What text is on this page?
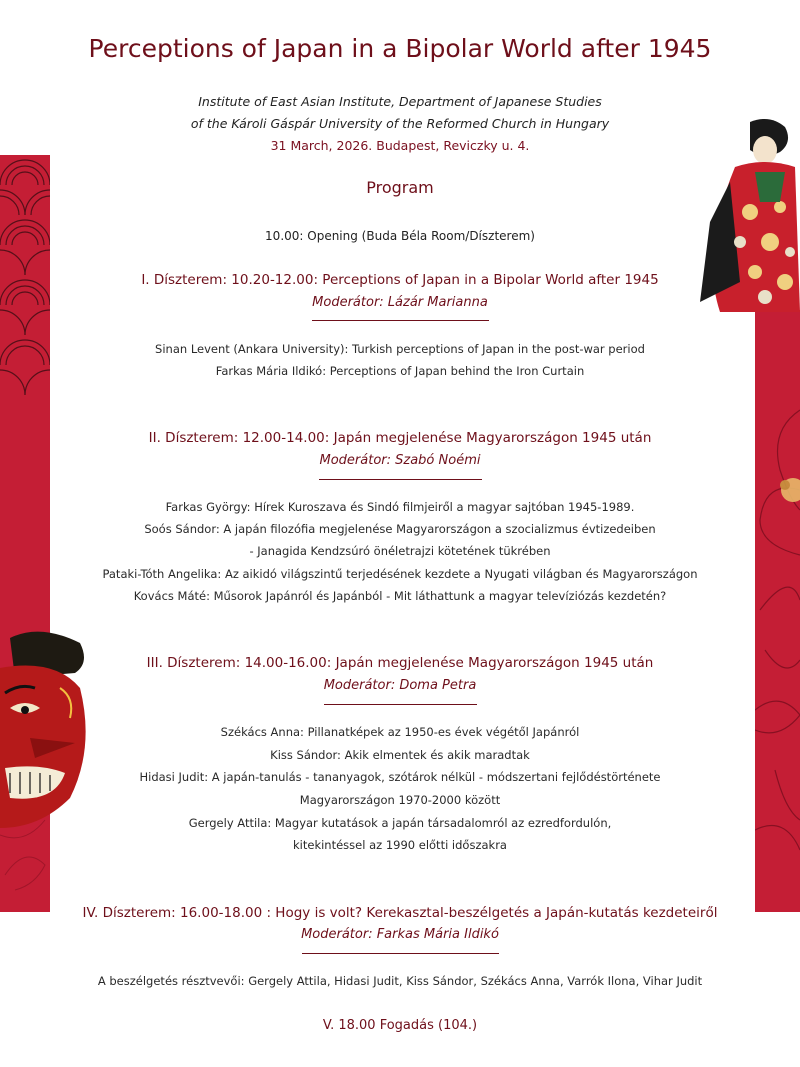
Perceptions of Japan in a Bipolar World after 1945
Institute of East Asian Institute, Department of Japanese Studies
of the Károli Gáspár University of the Reformed Church in Hungary
31 March, 2026. Budapest, Reviczky u. 4.
Program
10.00: Opening (Buda Béla Room/Díszterem)
I. Díszterem: 10.20-12.00: Perceptions of Japan in a Bipolar World after 1945
Moderátor: Lázár Marianna
Sinan Levent (Ankara University): Turkish perceptions of Japan in the post-war period
Farkas Mária Ildikó: Perceptions of Japan behind the Iron Curtain
II. Díszterem: 12.00-14.00: Japán megjelenése Magyarországon 1945 után
Moderátor: Szabó Noémi
Farkas György: Hírek Kuroszava és Sindó filmjeiről a magyar sajtóban 1945-1989.
Soós Sándor: A japán filozófia megjelenése Magyarországon a szocializmus évtizedeiben
- Janagida Kendzsúró önéletrajzi kötetének tükrében
Pataki-Tóth Angelika: Az aikidó világszintű terjedésének kezdete a Nyugati világban és Magyarországon
Kovács Máté: Műsorok Japánról és Japánból - Mit láthattunk a magyar televíziózás kezdetén?
III. Díszterem: 14.00-16.00: Japán megjelenése Magyarországon 1945 után
Moderátor: Doma Petra
Székács Anna: Pillanatképek az 1950-es évek végétől Japánról
Kiss Sándor: Akik elmentek és akik maradtak
Hidasi Judit: A japán-tanulás - tananyagok, szótárok nélkül - módszertani fejlődéstörténete
Magyarországon 1970-2000 között
Gergely Attila: Magyar kutatások a japán társadalomról az ezredfordulón,
kitekintéssel az 1990 előtti időszakra
IV. Díszterem: 16.00-18.00 : Hogy is volt? Kerekasztal-beszélgetés a Japán-kutatás kezdeteiről
Moderátor: Farkas Mária Ildikó
A beszélgetés résztvevői: Gergely Attila, Hidasi Judit, Kiss Sándor, Székács Anna, Varrók Ilona, Vihar Judit
V. 18.00 Fogadás (104.)
